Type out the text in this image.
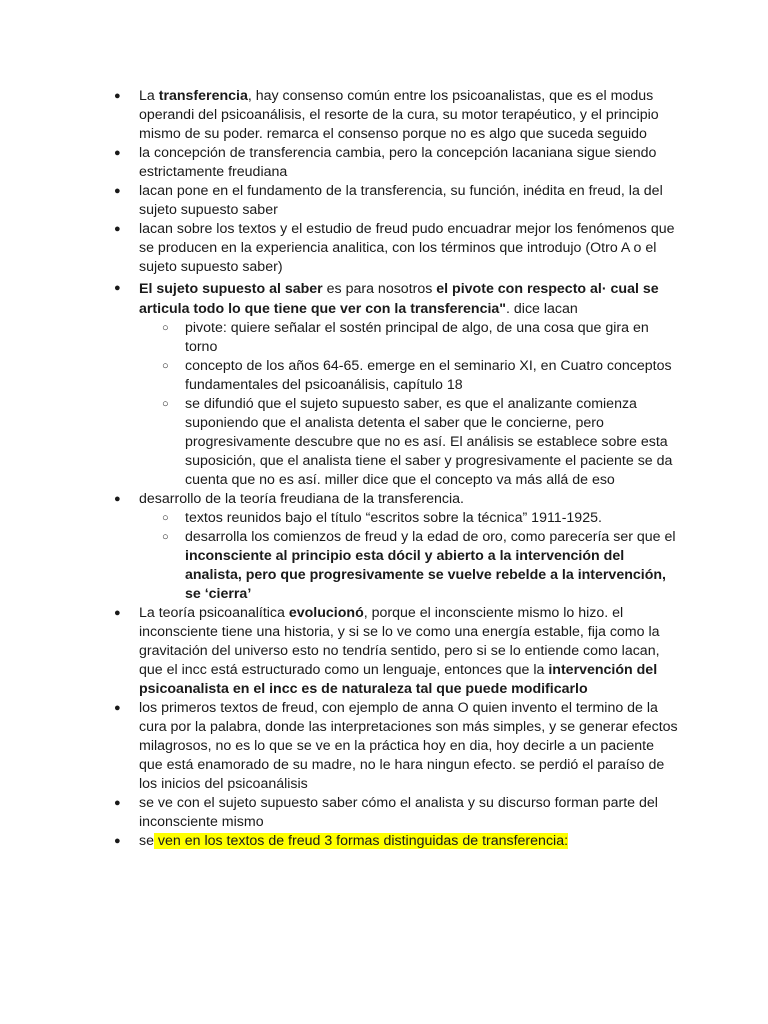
● La transferencia, hay consenso común entre los psicoanalistas, que es el modus operandi del psicoanálisis, el resorte de la cura, su motor terapéutico, y el principio mismo de su poder. remarca el consenso porque no es algo que suceda seguido
● la concepción de transferencia cambia, pero la concepción lacaniana sigue siendo estrictamente freudiana
● lacan pone en el fundamento de la transferencia, su función, inédita en freud, la del sujeto supuesto saber
● lacan sobre los textos y el estudio de freud pudo encuadrar mejor los fenómenos que se producen en la experiencia analitica, con los términos que introdujo (Otro A o el sujeto supuesto saber)
● El sujeto supuesto al saber es para nosotros el pivote con respecto al· cual se articula todo lo que tiene que ver con la transferencia". dice lacan
○ pivote: quiere señalar el sostén principal de algo, de una cosa que gira en torno
○ concepto de los años 64-65. emerge en el seminario XI, en Cuatro conceptos fundamentales del psicoanálisis, capítulo 18
○ se difundió que el sujeto supuesto saber, es que el analizante comienza suponiendo que el analista detenta el saber que le concierne, pero progresivamente descubre que no es así. El análisis se establece sobre esta suposición, que el analista tiene el saber y progresivamente el paciente se da cuenta que no es así. miller dice que el concepto va más allá de eso
● desarrollo de la teoría freudiana de la transferencia.
○ textos reunidos bajo el título “escritos sobre la técnica” 1911-1925.
○ desarrolla los comienzos de freud y la edad de oro, como parecería ser que el inconsciente al principio esta dócil y abierto a la intervención del analista, pero que progresivamente se vuelve rebelde a la intervención, se ‘cierra’
● La teoría psicoanalítica evolucionó, porque el inconsciente mismo lo hizo. el inconsciente tiene una historia, y si se lo ve como una energía estable, fija como la gravitación del universo esto no tendría sentido, pero si se lo entiende como lacan, que el incc está estructurado como un lenguaje, entonces que la intervención del psicoanalista en el incc es de naturaleza tal que puede modificarlo
● los primeros textos de freud, con ejemplo de anna O quien invento el termino de la cura por la palabra, donde las interpretaciones son más simples, y se generar efectos milagrosos, no es lo que se ve en la práctica hoy en dia, hoy decirle a un paciente que está enamorado de su madre, no le hara ningun efecto. se perdió el paraíso de los inicios del psicoanálisis
● se ve con el sujeto supuesto saber cómo el analista y su discurso forman parte del inconsciente mismo
● se ven en los textos de freud 3 formas distinguidas de transferencia:
